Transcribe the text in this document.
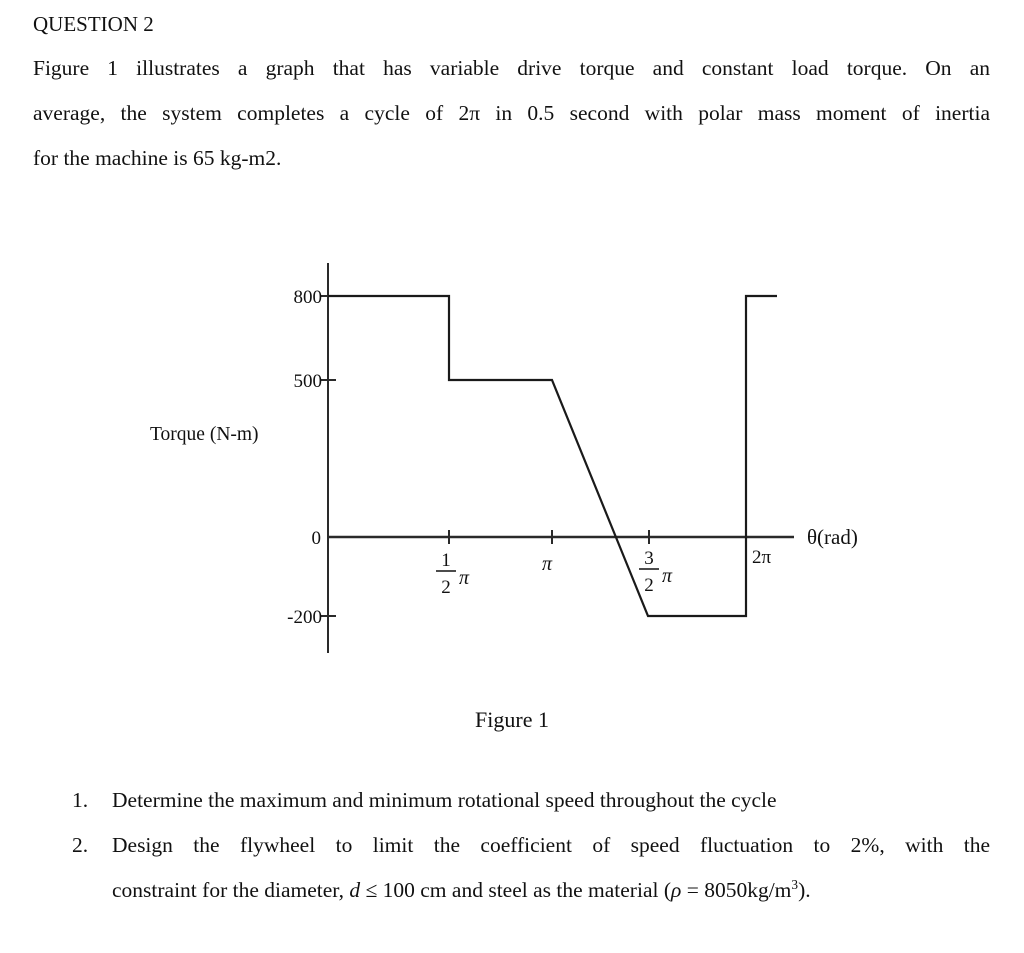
QUESTION 2
Figure 1 illustrates a graph that has variable drive torque and constant load torque. On an
average, the system completes a cycle of 2π in 0.5 second with polar mass moment of inertia
for the machine is 65 kg-m2.
800
500
0
-200
1
2 π
π	3
2 π
2π
Torque (N-m)
θ(rad)
Figure 1
1. Determine the maximum and minimum rotational speed throughout the cycle
2. Design the flywheel to limit the coefficient of speed fluctuation to 2%, with the
constraint for the diameter, d ≤ 100 cm and steel as the material $(\rho = 8050kg/m^3)$.
